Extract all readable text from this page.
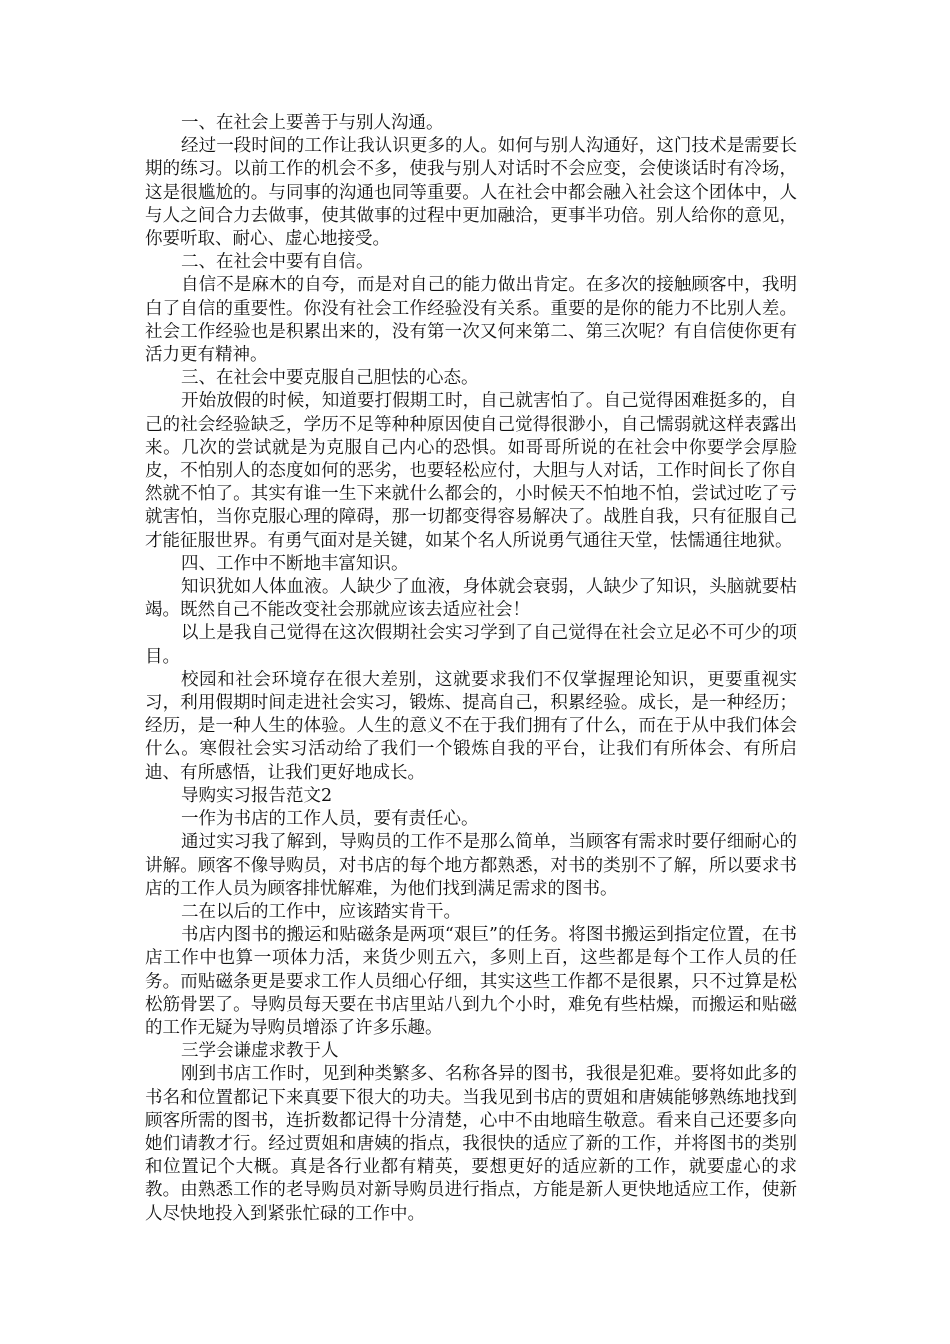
一、在社会上要善于与别人沟通。

经过一段时间的工作让我认识更多的人。如何与别人沟通好，这门技术是需要长期的练习。以前工作的机会不多，使我与别人对话时不会应变，会使谈话时有冷场，这是很尴尬的。与同事的沟通也同等重要。人在社会中都会融入社会这个团体中，人与人之间合力去做事，使其做事的过程中更加融洽，更事半功倍。别人给你的意见，你要听取、耐心、虚心地接受。

二、在社会中要有自信。

自信不是麻木的自夸，而是对自己的能力做出肯定。在多次的接触顾客中，我明白了自信的重要性。你没有社会工作经验没有关系。重要的是你的能力不比别人差。社会工作经验也是积累出来的，没有第一次又何来第二、第三次呢？有自信使你更有活力更有精神。

三、在社会中要克服自己胆怯的心态。

开始放假的时候，知道要打假期工时，自己就害怕了。自己觉得困难挺多的，自己的社会经验缺乏，学历不足等种种原因使自己觉得很渺小，自己懦弱就这样表露出来。几次的尝试就是为克服自己内心的恐惧。如哥哥所说的在社会中你要学会厚脸皮，不怕别人的态度如何的恶劣，也要轻松应付，大胆与人对话，工作时间长了你自然就不怕了。其实有谁一生下来就什么都会的，小时候天不怕地不怕，尝试过吃了亏就害怕，当你克服心理的障碍，那一切都变得容易解决了。战胜自我，只有征服自己才能征服世界。有勇气面对是关键，如某个名人所说勇气通往天堂，怯懦通往地狱。

四、工作中不断地丰富知识。

知识犹如人体血液。人缺少了血液，身体就会衰弱，人缺少了知识，头脑就要枯竭。既然自己不能改变社会那就应该去适应社会！

以上是我自己觉得在这次假期社会实习学到了自己觉得在社会立足必不可少的项目。

校园和社会环境存在很大差别，这就要求我们不仅掌握理论知识，更要重视实习，利用假期时间走进社会实习，锻炼、提高自己，积累经验。成长，是一种经历；经历，是一种人生的体验。人生的意义不在于我们拥有了什么，而在于从中我们体会什么。寒假社会实习活动给了我们一个锻炼自我的平台，让我们有所体会、有所启迪、有所感悟，让我们更好地成长。

导购实习报告范文2

一作为书店的工作人员，要有责任心。

通过实习我了解到，导购员的工作不是那么简单，当顾客有需求时要仔细耐心的讲解。顾客不像导购员，对书店的每个地方都熟悉，对书的类别不了解，所以要求书店的工作人员为顾客排忧解难，为他们找到满足需求的图书。

二在以后的工作中，应该踏实肯干。

书店内图书的搬运和贴磁条是两项“艰巨”的任务。将图书搬运到指定位置，在书店工作中也算一项体力活，来货少则五六，多则上百，这些都是每个工作人员的任务。而贴磁条更是要求工作人员细心仔细，其实这些工作都不是很累，只不过算是松松筋骨罢了。导购员每天要在书店里站八到九个小时，难免有些枯燥，而搬运和贴磁的工作无疑为导购员增添了许多乐趣。

三学会谦虚求教于人

刚到书店工作时，见到种类繁多、名称各异的图书，我很是犯难。要将如此多的书名和位置都记下来真要下很大的功夫。当我见到书店的贾姐和唐姨能够熟练地找到顾客所需的图书，连折数都记得十分清楚，心中不由地暗生敬意。看来自己还要多向她们请教才行。经过贾姐和唐姨的指点，我很快的适应了新的工作，并将图书的类别和位置记个大概。真是各行业都有精英，要想更好的适应新的工作，就要虚心的求教。由熟悉工作的老导购员对新导购员进行指点，方能是新人更快地适应工作，使新人尽快地投入到紧张忙碌的工作中。
